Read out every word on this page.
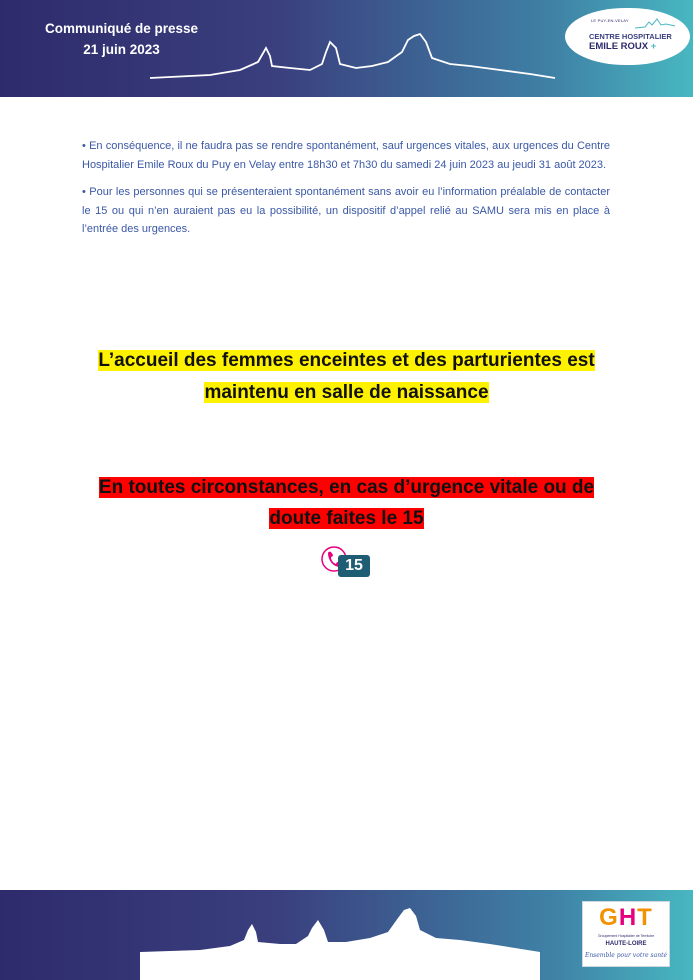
Communiqué de presse
21 juin 2023
LE PUY-EN-VELAY
CENTRE HOSPITALIER
EMILE ROUX +

• En conséquence, il ne faudra pas se rendre spontanément, sauf urgences vitales, aux urgences du Centre Hospitalier Emile Roux du Puy en Velay entre 18h30 et 7h30 du samedi 24 juin 2023 au jeudi 31 août 2023.

• Pour les personnes qui se présenteraient spontanément sans avoir eu l’information préalable de contacter le 15 ou qui n’en auraient pas eu la possibilité, un dispositif d’appel relié au SAMU sera mis en place à l’entrée des urgences.

L’accueil des femmes enceintes et des parturientes est
maintenu en salle de naissance
En toutes circonstances, en cas d’urgence vitale ou de
doute faites le 15
15
GHT
Groupement Hospitalier de Territoire
HAUTE-LOIRE
Ensemble pour votre santé
